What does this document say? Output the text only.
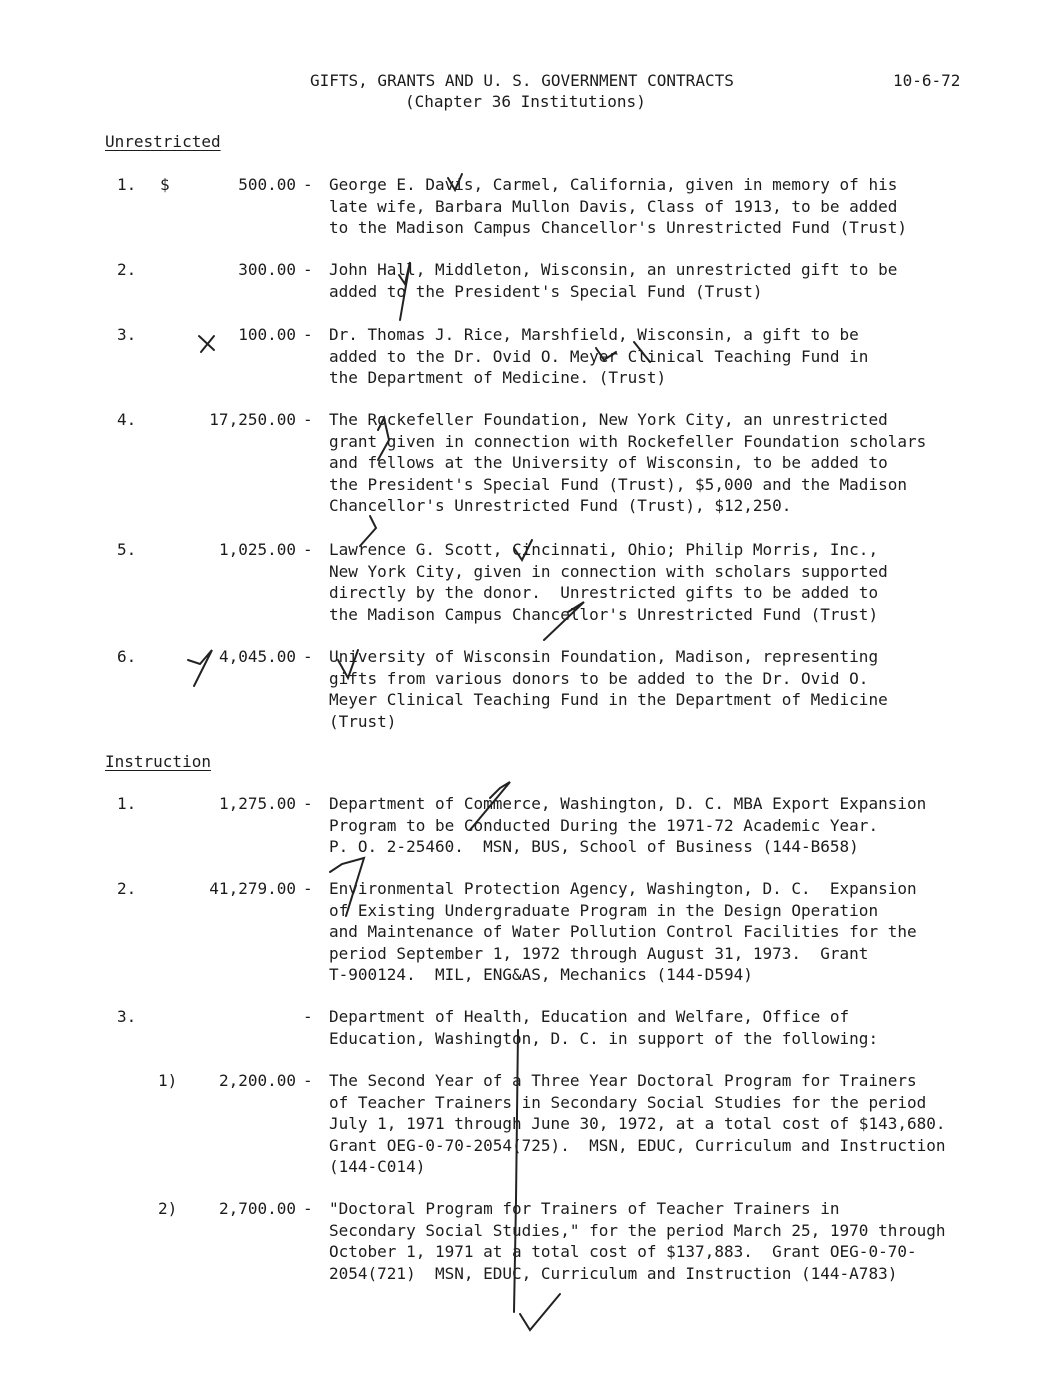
GIFTS, GRANTS AND U. S. GOVERNMENT CONTRACTS
(Chapter 36 Institutions)
10-6-72
Unrestricted
1. $	500.00 - George E. Davis, Carmel, California, given in memory of his
late wife, Barbara Mullon Davis, Class of 1913, to be added
to the Madison Campus Chancellor's Unrestricted Fund (Trust)
2.	300.00 - John Hall, Middleton, Wisconsin, an unrestricted gift to be
added to the President's Special Fund (Trust)
3.	100.00 - Dr. Thomas J. Rice, Marshfield, Wisconsin, a gift to be
added to the Dr. Ovid O. Meyer Clinical Teaching Fund in
the Department of Medicine. (Trust)
4.	17,250.00 - The Rockefeller Foundation, New York City, an unrestricted
grant given in connection with Rockefeller Foundation scholars
and fellows at the University of Wisconsin, to be added to
the President's Special Fund (Trust), $5,000 and the Madison
Chancellor's Unrestricted Fund (Trust), $12,250.
5.	1,025.00 - Lawrence G. Scott, Cincinnati, Ohio; Philip Morris, Inc.,
New York City, given in connection with scholars supported
directly by the donor.  Unrestricted gifts to be added to
the Madison Campus Chancellor's Unrestricted Fund (Trust)
6.	4,045.00 - University of Wisconsin Foundation, Madison, representing
gifts from various donors to be added to the Dr. Ovid O.
Meyer Clinical Teaching Fund in the Department of Medicine
(Trust)
Instruction
1.	1,275.00 - Department of Commerce, Washington, D. C. MBA Export Expansion
Program to be Conducted During the 1971-72 Academic Year.
P. O. 2-25460.  MSN, BUS, School of Business (144-B658)
2.	41,279.00 - Environmental Protection Agency, Washington, D. C.  Expansion
of Existing Undergraduate Program in the Design Operation
and Maintenance of Water Pollution Control Facilities for the
period September 1, 1972 through August 31, 1973.  Grant
T-900124.  MIL, ENG&AS, Mechanics (144-D594)
3.	- Department of Health, Education and Welfare, Office of
Education, Washington, D. C. in support of the following:
1)	2,200.00 - The Second Year of a Three Year Doctoral Program for Trainers
of Teacher Trainers in Secondary Social Studies for the period
July 1, 1971 through June 30, 1972, at a total cost of $143,680.
Grant OEG-0-70-2054(725).  MSN, EDUC, Curriculum and Instruction
(144-C014)
2)	2,700.00 - "Doctoral Program for Trainers of Teacher Trainers in
Secondary Social Studies," for the period March 25, 1970 through
October 1, 1971 at a total cost of $137,883.  Grant OEG-0-70-
2054(721)  MSN, EDUC, Curriculum and Instruction (144-A783)
